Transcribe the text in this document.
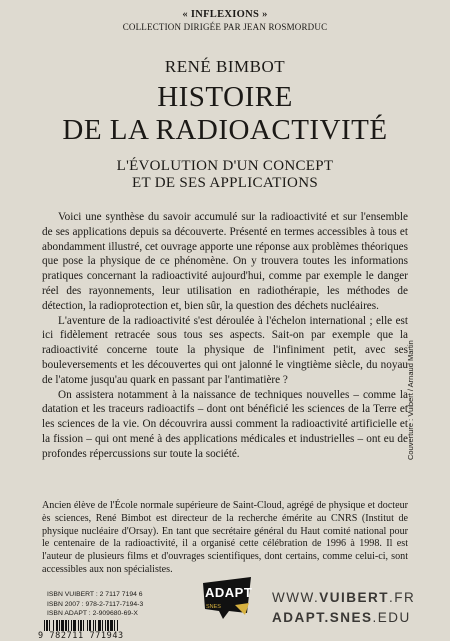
« INFLEXIONS »
COLLECTION DIRIGÉE PAR JEAN ROSMORDUC
RENÉ BIMBOT
HISTOIRE
DE LA RADIOACTIVITÉ
L'ÉVOLUTION D'UN CONCEPT
ET DE SES APPLICATIONS

Voici une synthèse du savoir accumulé sur la radioactivité et sur l'ensemble de ses applications depuis sa découverte. Présenté en termes accessibles à tous et abondamment illustré, cet ouvrage apporte une réponse aux problèmes théoriques que pose la physique de ce phénomène. On y trouvera toutes les informations pratiques concernant la radioactivité aujourd'hui, comme par exemple le danger réel des rayonnements, leur utilisation en radiothérapie, les méthodes de détection, la radioprotection et, bien sûr, la question des déchets nucléaires.

L'aventure de la radioactivité s'est déroulée à l'échelon international ; elle est ici fidèlement retracée sous tous ses aspects. Sait-on par exemple que la radioactivité concerne toute la physique de l'infiniment petit, avec ses bouleversements et les découvertes qui ont jalonné le vingtième siècle, du noyau de l'atome jusqu'au quark en passant par l'antimatière ?

On assistera notamment à la naissance de techniques nouvelles – comme la datation et les traceurs radioactifs – dont ont bénéficié les sciences de la Terre et les sciences de la vie. On découvrira aussi comment la radioactivité artificielle et la fission – qui ont mené à des applications médicales et industrielles – ont eu de profondes répercussions sur toute la société.

Ancien élève de l'École normale supérieure de Saint-Cloud, agrégé de physique et docteur ès sciences, René Bimbot est directeur de la recherche émérite au CNRS (Institut de physique nucléaire d'Orsay). En tant que secrétaire général du Haut comité national pour le centenaire de la radioactivité, il a organisé cette célébration de 1996 à 1998. Il est l'auteur de plusieurs films et d'ouvrages scientifiques, dont certains, comme celui-ci, sont accessibles aux non spécialistes.
Couverture : Vuibert / Arnaud Martin
ISBN VUIBERT : 2 7117 7194 6
ISBN 2007 : 978-2-7117-7194-3
ISBN ADAPT : 2-909680-69-X
9 782711 771943
ADAPT
SNES
WWW.VUIBERT.FR
ADAPT.SNES.EDU
